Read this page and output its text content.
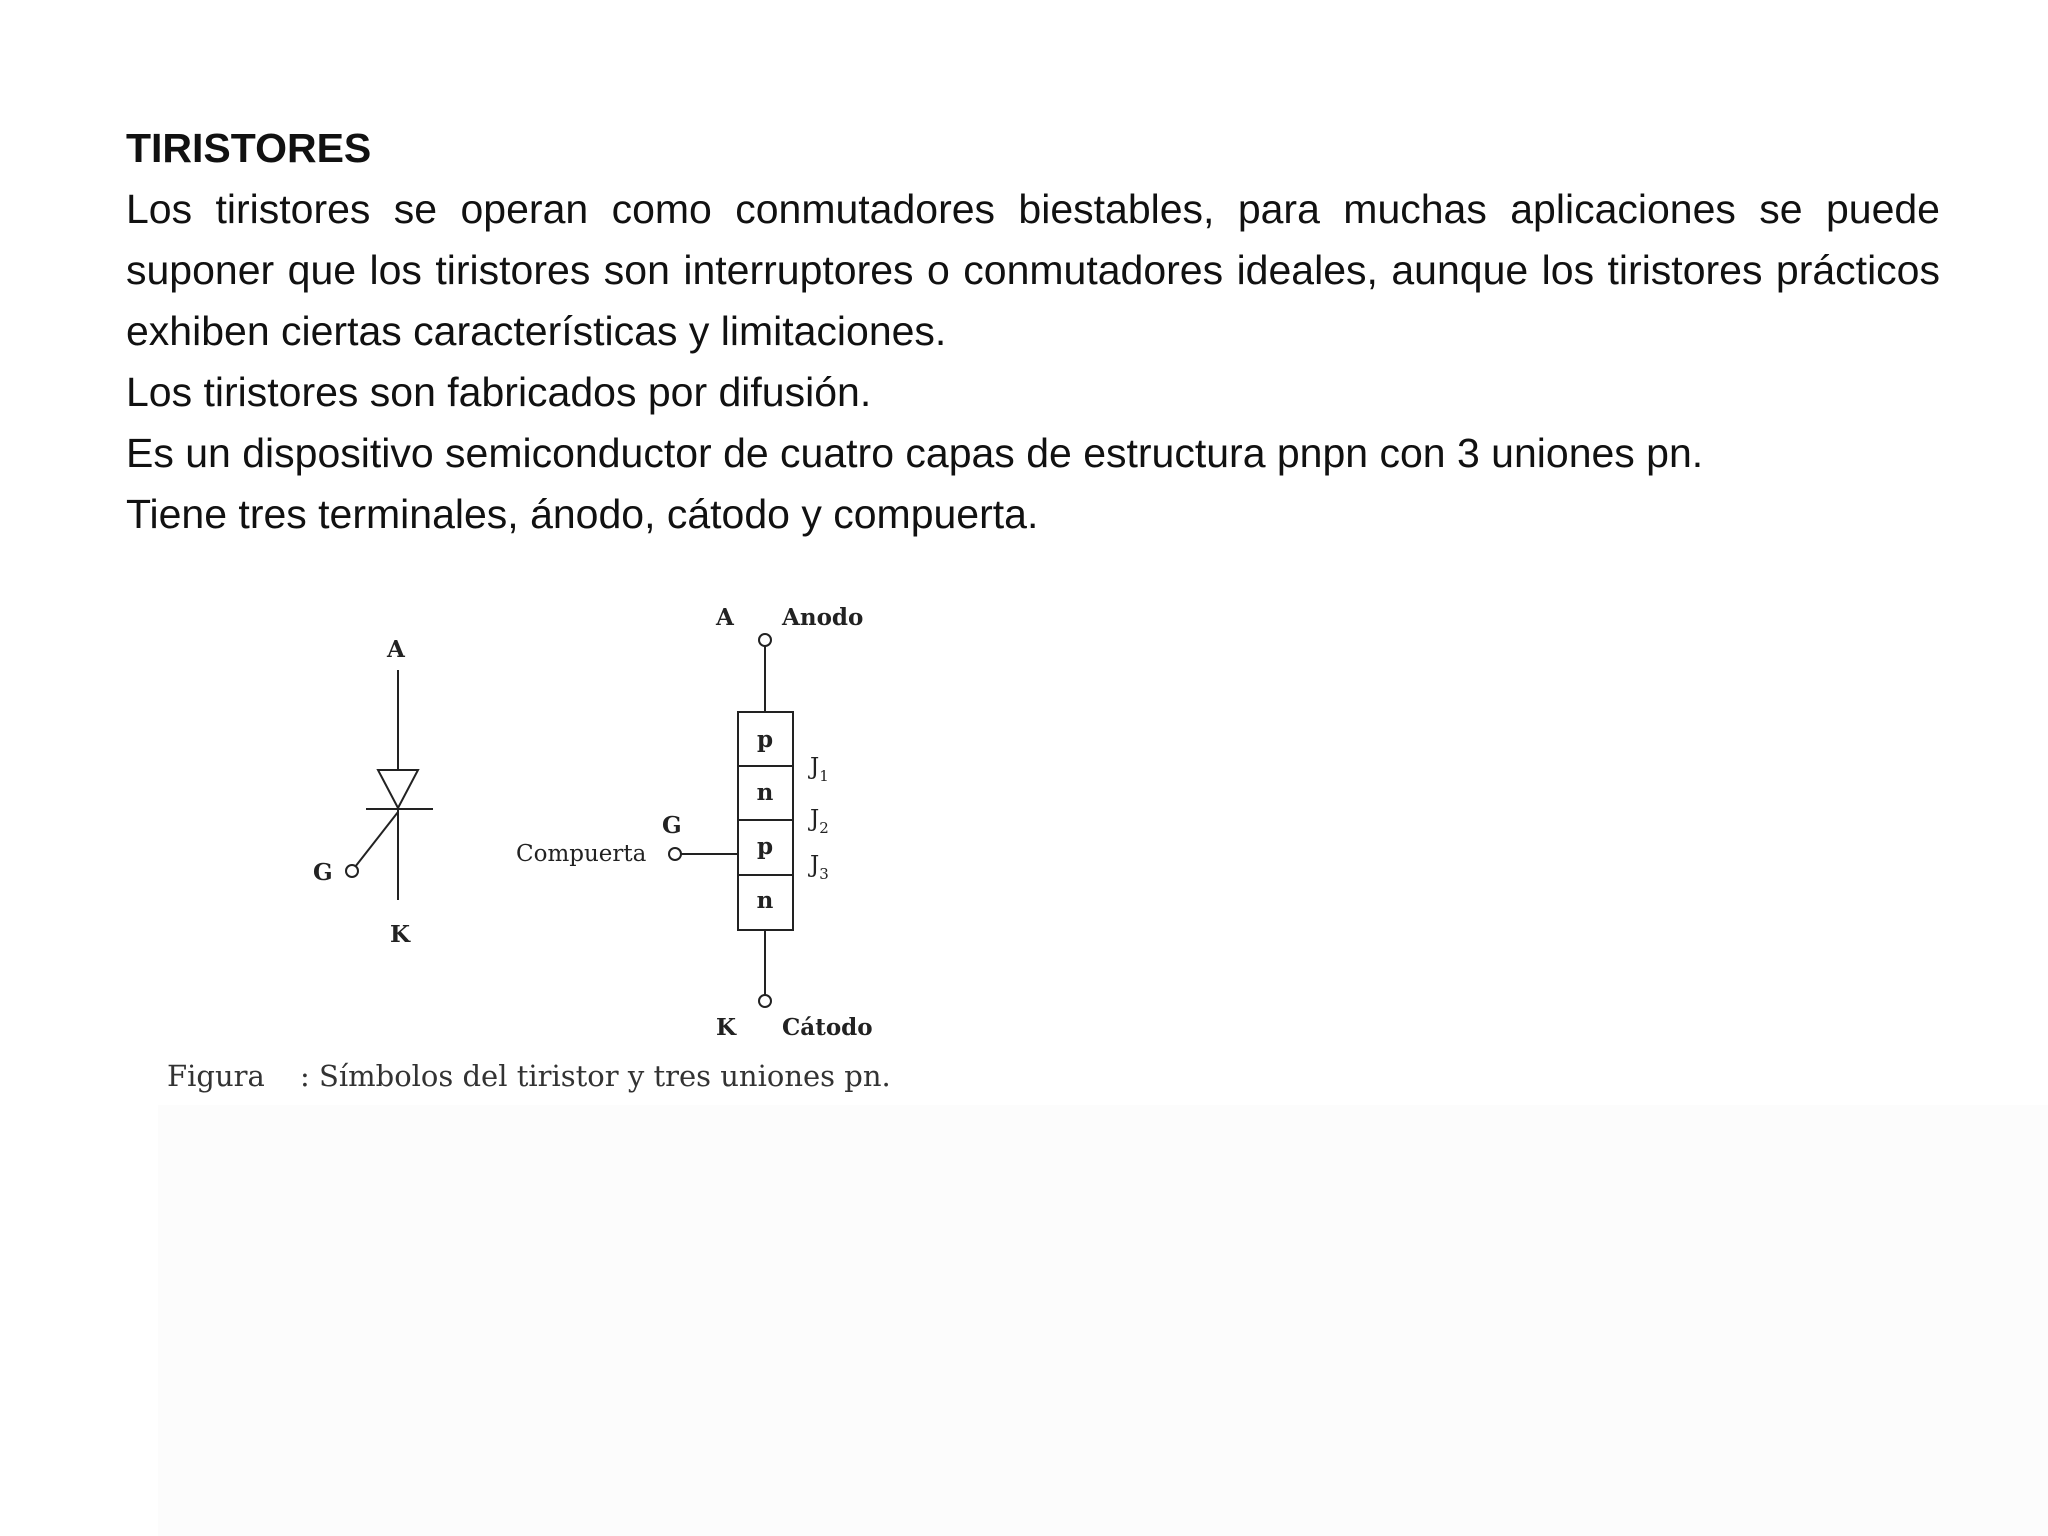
TIRISTORES
Los tiristores se operan como conmutadores biestables, para muchas aplicaciones se puede suponer que los tiristores son interruptores o conmutadores ideales, aunque los tiristores prácticos exhiben ciertas características y limitaciones.
Los tiristores son fabricados por difusión.
Es un dispositivo semiconductor de cuatro capas de estructura pnpn con 3 uniones pn.
Tiene tres terminales, ánodo, cátodo y compuerta.
A
G
K
A Anodo
p
n
p
n
G
Compuerta
K Cátodo
$J_1$
$J_2$
$J_3$
Figura : Símbolos del tiristor y tres uniones pn.
